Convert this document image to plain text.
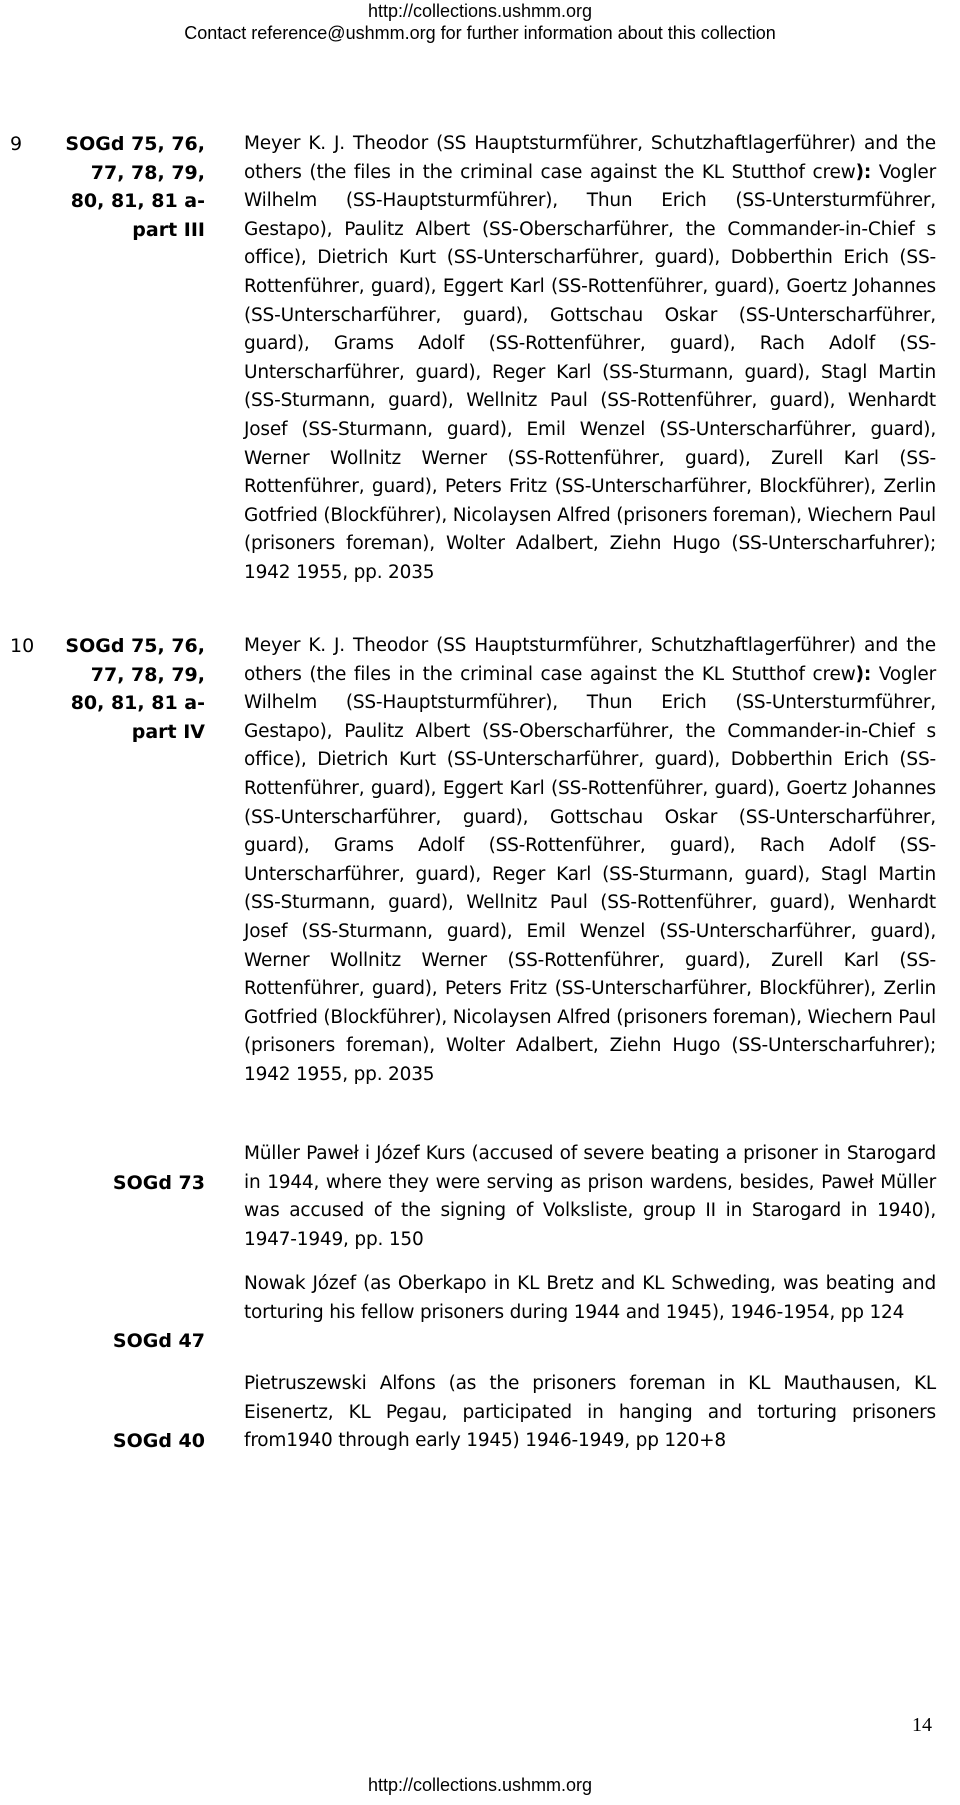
http://collections.ushmm.org
Contact reference@ushmm.org for further information about this collection
9	SOGd 75, 76,
77, 78, 79,
80, 81, 81 a-
part III

Meyer K. J. Theodor (SS Hauptsturmführer, Schutzhaftlagerführer) and the others (the files in the criminal case against the KL Stutthof crew): Vogler Wilhelm (SS-Hauptsturmführer), Thun Erich (SS-Untersturmführer, Gestapo), Paulitz Albert (SS-Oberscharführer, the Commander-in-Chief s office), Dietrich Kurt (SS-Unterscharführer, guard), Dobberthin Erich (SS-Rottenführer, guard), Eggert Karl (SS-Rottenführer, guard), Goertz Johannes (SS-Unterscharführer, guard), Gottschau Oskar (SS-Unterscharführer, guard), Grams Adolf (SS-Rottenführer, guard), Rach Adolf (SS-Unterscharführer, guard), Reger Karl (SS-Sturmann, guard), Stagl Martin (SS-Sturmann, guard), Wellnitz Paul (SS-Rottenführer, guard), Wenhardt Josef (SS-Sturmann, guard), Emil Wenzel (SS-Unterscharführer, guard), Werner Wollnitz Werner (SS-Rottenführer, guard), Zurell Karl (SS-Rottenführer, guard), Peters Fritz (SS-Unterscharführer, Blockführer), Zerlin Gotfried (Blockführer), Nicolaysen Alfred (prisoners foreman), Wiechern Paul (prisoners foreman), Wolter Adalbert, Ziehn Hugo (SS-Unterscharfuhrer); 1942 1955, pp. 2035

10	SOGd 75, 76,
77, 78, 79,
80, 81, 81 a-
part IV

Meyer K. J. Theodor (SS Hauptsturmführer, Schutzhaftlagerführer) and the others (the files in the criminal case against the KL Stutthof crew): Vogler Wilhelm (SS-Hauptsturmführer), Thun Erich (SS-Untersturmführer, Gestapo), Paulitz Albert (SS-Oberscharführer, the Commander-in-Chief s office), Dietrich Kurt (SS-Unterscharführer, guard), Dobberthin Erich (SS-Rottenführer, guard), Eggert Karl (SS-Rottenführer, guard), Goertz Johannes (SS-Unterscharführer, guard), Gottschau Oskar (SS-Unterscharführer, guard), Grams Adolf (SS-Rottenführer, guard), Rach Adolf (SS-Unterscharführer, guard), Reger Karl (SS-Sturmann, guard), Stagl Martin (SS-Sturmann, guard), Wellnitz Paul (SS-Rottenführer, guard), Wenhardt Josef (SS-Sturmann, guard), Emil Wenzel (SS-Unterscharführer, guard), Werner Wollnitz Werner (SS-Rottenführer, guard), Zurell Karl (SS-Rottenführer, guard), Peters Fritz (SS-Unterscharführer, Blockführer), Zerlin Gotfried (Blockführer), Nicolaysen Alfred (prisoners foreman), Wiechern Paul (prisoners foreman), Wolter Adalbert, Ziehn Hugo (SS-Unterscharfuhrer); 1942 1955, pp. 2035

SOGd 73

Müller Paweł i Józef Kurs (accused of severe beating a prisoner in Starogard in 1944, where they were serving as prison wardens, besides, Paweł Müller was accused of the signing of Volksliste, group II in Starogard in 1940), 1947-1949, pp. 150

SOGd 47

Nowak Józef (as Oberkapo in KL Bretz and KL Schweding, was beating and torturing his fellow prisoners during 1944 and 1945), 1946-1954, pp 124

SOGd 40

Pietruszewski Alfons (as the prisoners foreman in KL Mauthausen, KL Eisenertz, KL Pegau, participated in hanging and torturing prisoners from1940 through early 1945) 1946-1949, pp 120+8

14
http://collections.ushmm.org
